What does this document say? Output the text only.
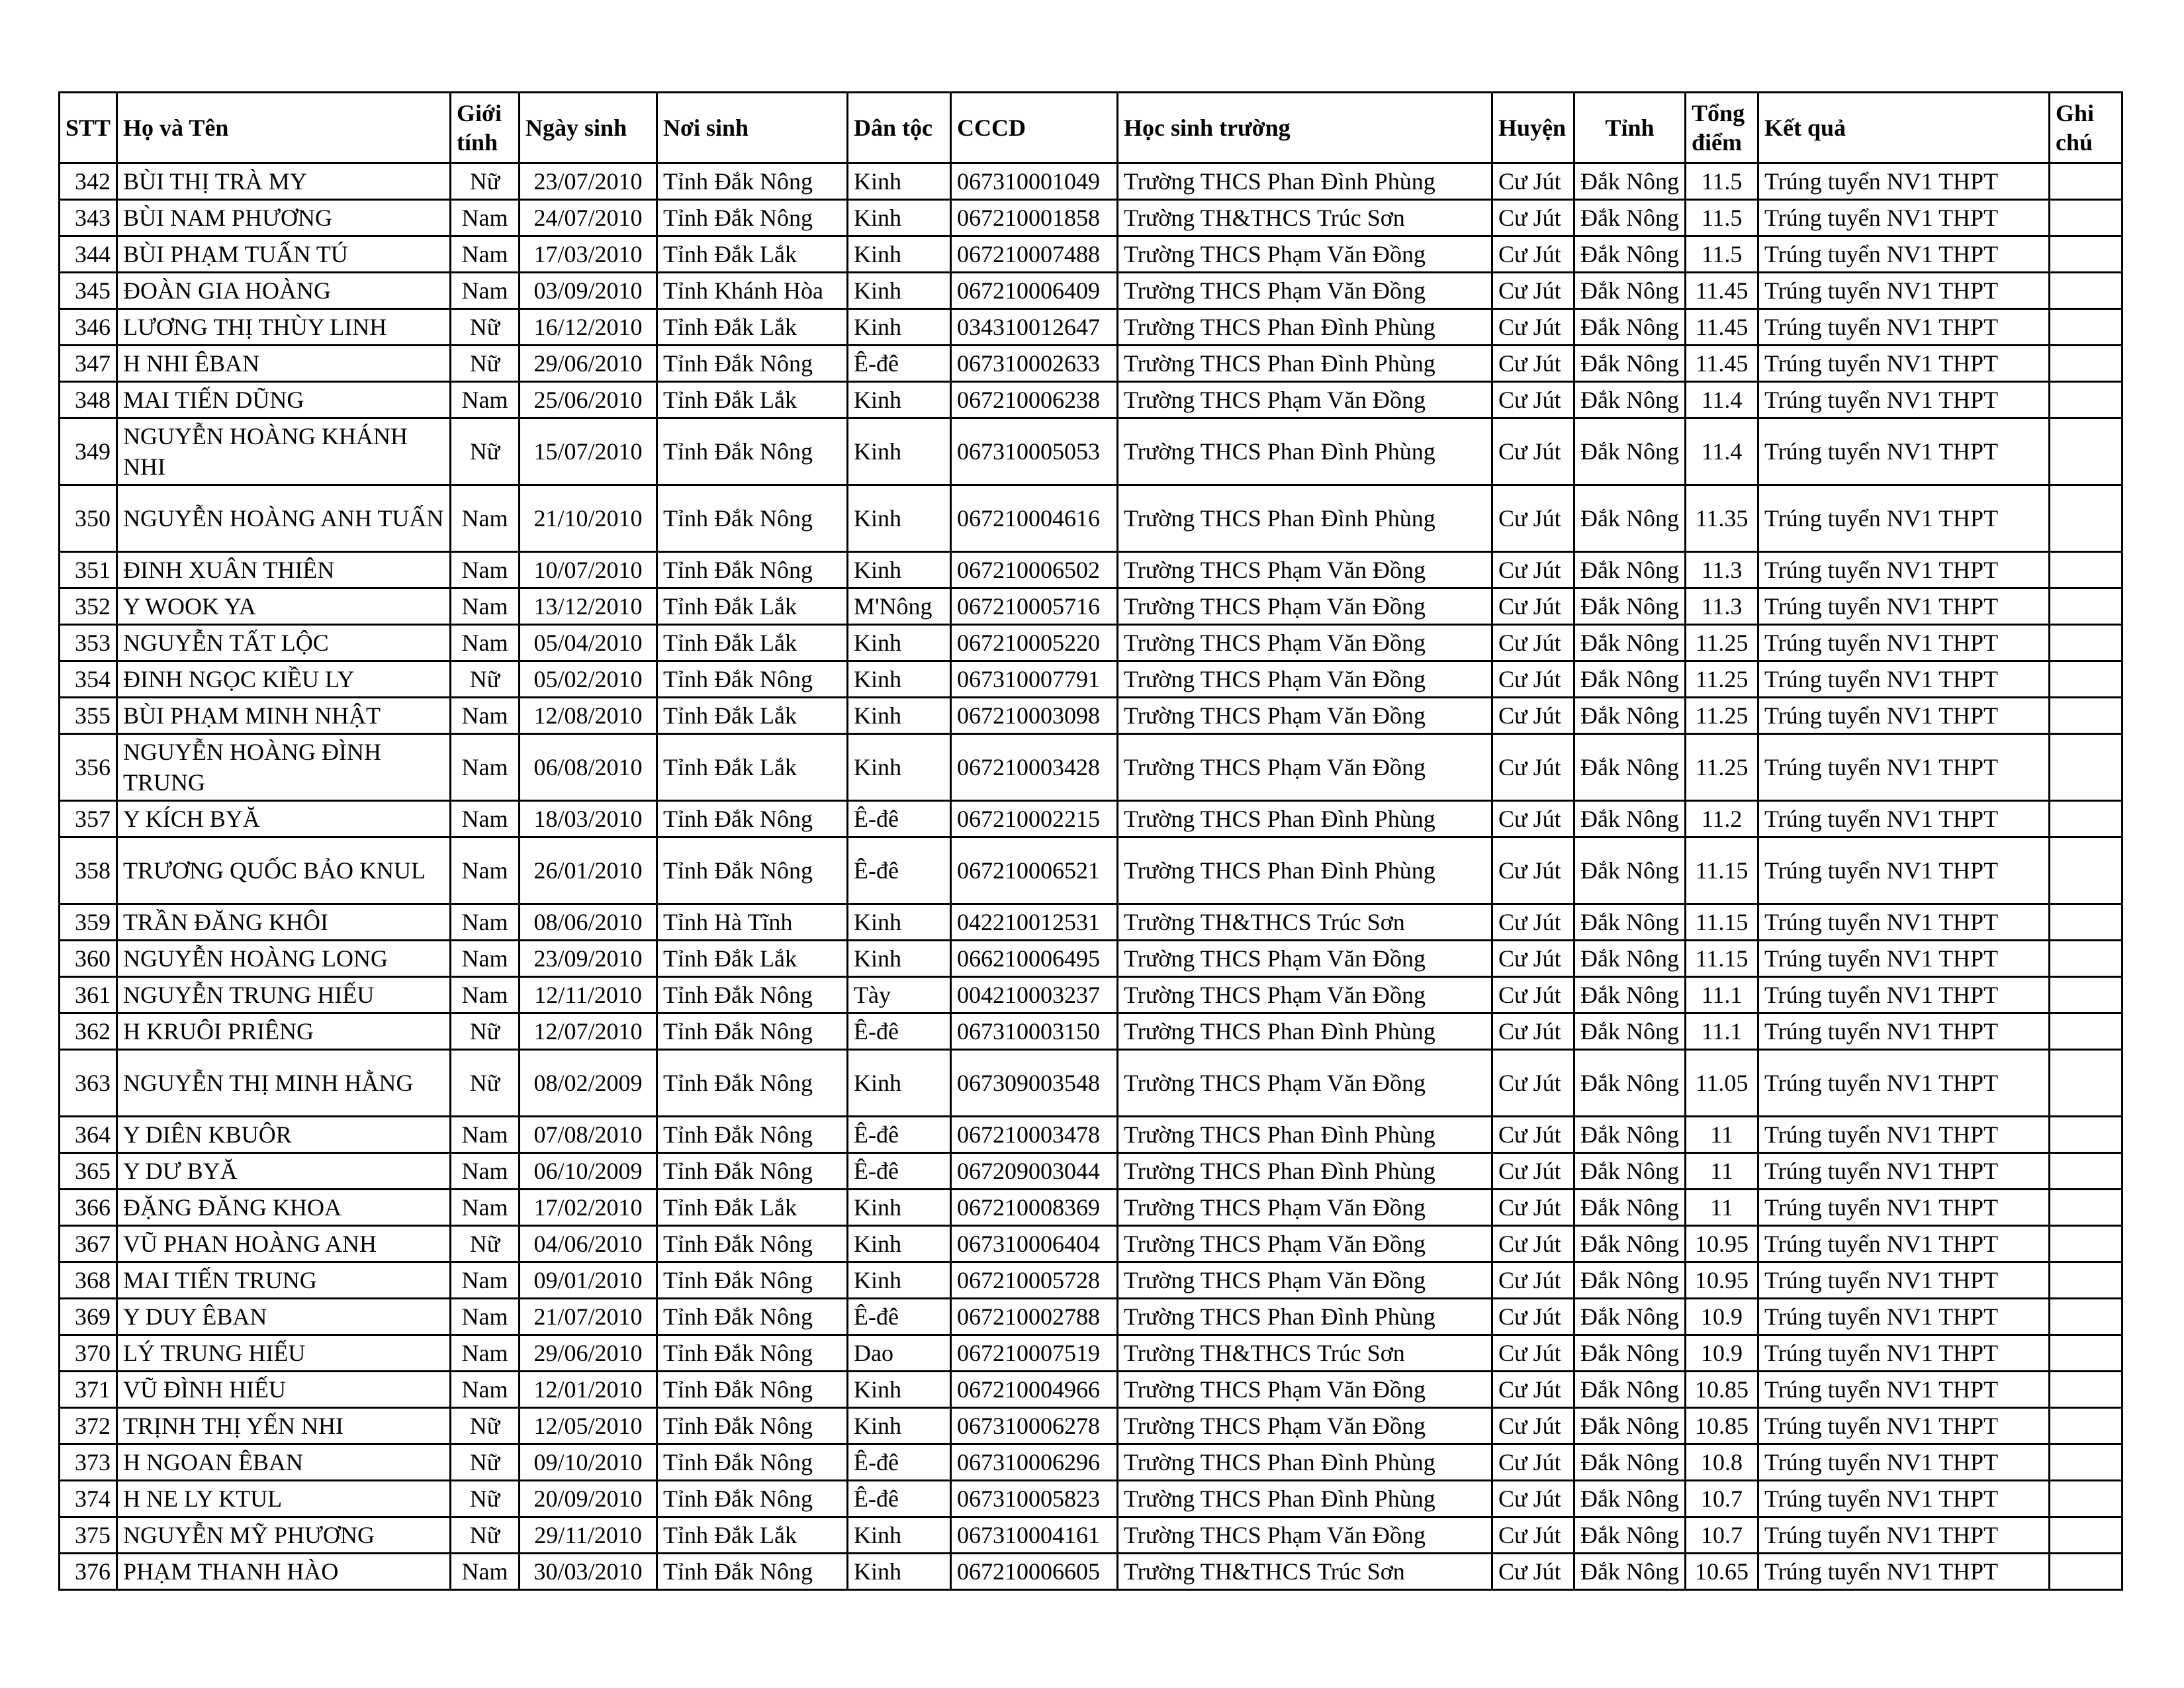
STT	Họ và Tên	Giới tính	Ngày sinh	Nơi sinh	Dân tộc	CCCD	Học sinh trường	Huyện	Tỉnh	Tổng điểm	Kết quả	Ghi chú
342	BÙI THỊ TRÀ MY	Nữ	23/07/2010	Tỉnh Đắk Nông	Kinh	067310001049	Trường THCS Phan Đình Phùng	Cư Jút	Đắk Nông	11.5	Trúng tuyển NV1 THPT	
343	BÙI NAM PHƯƠNG	Nam	24/07/2010	Tỉnh Đắk Nông	Kinh	067210001858	Trường TH&THCS Trúc Sơn	Cư Jút	Đắk Nông	11.5	Trúng tuyển NV1 THPT	
344	BÙI PHẠM TUẤN TÚ	Nam	17/03/2010	Tỉnh Đắk Lắk	Kinh	067210007488	Trường THCS Phạm Văn Đồng	Cư Jút	Đắk Nông	11.5	Trúng tuyển NV1 THPT	
345	ĐOÀN GIA HOÀNG	Nam	03/09/2010	Tỉnh Khánh Hòa	Kinh	067210006409	Trường THCS Phạm Văn Đồng	Cư Jút	Đắk Nông	11.45	Trúng tuyển NV1 THPT	
346	LƯƠNG THỊ THÙY LINH	Nữ	16/12/2010	Tỉnh Đắk Lắk	Kinh	034310012647	Trường THCS Phan Đình Phùng	Cư Jút	Đắk Nông	11.45	Trúng tuyển NV1 THPT	
347	H NHI ÊBAN	Nữ	29/06/2010	Tỉnh Đắk Nông	Ê-đê	067310002633	Trường THCS Phan Đình Phùng	Cư Jút	Đắk Nông	11.45	Trúng tuyển NV1 THPT	
348	MAI TIẾN DŨNG	Nam	25/06/2010	Tỉnh Đắk Lắk	Kinh	067210006238	Trường THCS Phạm Văn Đồng	Cư Jút	Đắk Nông	11.4	Trúng tuyển NV1 THPT	
349	NGUYỄN HOÀNG KHÁNH NHI	Nữ	15/07/2010	Tỉnh Đắk Nông	Kinh	067310005053	Trường THCS Phan Đình Phùng	Cư Jút	Đắk Nông	11.4	Trúng tuyển NV1 THPT	
350	NGUYỄN HOÀNG ANH TUẤN	Nam	21/10/2010	Tỉnh Đắk Nông	Kinh	067210004616	Trường THCS Phan Đình Phùng	Cư Jút	Đắk Nông	11.35	Trúng tuyển NV1 THPT	
351	ĐINH XUÂN THIÊN	Nam	10/07/2010	Tỉnh Đắk Nông	Kinh	067210006502	Trường THCS Phạm Văn Đồng	Cư Jút	Đắk Nông	11.3	Trúng tuyển NV1 THPT	
352	Y WOOK YA	Nam	13/12/2010	Tỉnh Đắk Lắk	M'Nông	067210005716	Trường THCS Phạm Văn Đồng	Cư Jút	Đắk Nông	11.3	Trúng tuyển NV1 THPT	
353	NGUYỄN TẤT LỘC	Nam	05/04/2010	Tỉnh Đắk Lắk	Kinh	067210005220	Trường THCS Phạm Văn Đồng	Cư Jút	Đắk Nông	11.25	Trúng tuyển NV1 THPT	
354	ĐINH NGỌC KIỀU LY	Nữ	05/02/2010	Tỉnh Đắk Nông	Kinh	067310007791	Trường THCS Phạm Văn Đồng	Cư Jút	Đắk Nông	11.25	Trúng tuyển NV1 THPT	
355	BÙI PHẠM MINH NHẬT	Nam	12/08/2010	Tỉnh Đắk Lắk	Kinh	067210003098	Trường THCS Phạm Văn Đồng	Cư Jút	Đắk Nông	11.25	Trúng tuyển NV1 THPT	
356	NGUYỄN HOÀNG ĐÌNH TRUNG	Nam	06/08/2010	Tỉnh Đắk Lắk	Kinh	067210003428	Trường THCS Phạm Văn Đồng	Cư Jút	Đắk Nông	11.25	Trúng tuyển NV1 THPT	
357	Y KÍCH BYĂ	Nam	18/03/2010	Tỉnh Đắk Nông	Ê-đê	067210002215	Trường THCS Phan Đình Phùng	Cư Jút	Đắk Nông	11.2	Trúng tuyển NV1 THPT	
358	TRƯƠNG QUỐC BẢO KNUL	Nam	26/01/2010	Tỉnh Đắk Nông	Ê-đê	067210006521	Trường THCS Phan Đình Phùng	Cư Jút	Đắk Nông	11.15	Trúng tuyển NV1 THPT	
359	TRẦN ĐĂNG KHÔI	Nam	08/06/2010	Tỉnh Hà Tĩnh	Kinh	042210012531	Trường TH&THCS Trúc Sơn	Cư Jút	Đắk Nông	11.15	Trúng tuyển NV1 THPT	
360	NGUYỄN HOÀNG LONG	Nam	23/09/2010	Tỉnh Đắk Lắk	Kinh	066210006495	Trường THCS Phạm Văn Đồng	Cư Jút	Đắk Nông	11.15	Trúng tuyển NV1 THPT	
361	NGUYỄN TRUNG HIẾU	Nam	12/11/2010	Tỉnh Đắk Nông	Tày	004210003237	Trường THCS Phạm Văn Đồng	Cư Jút	Đắk Nông	11.1	Trúng tuyển NV1 THPT	
362	H KRUÔI PRIÊNG	Nữ	12/07/2010	Tỉnh Đắk Nông	Ê-đê	067310003150	Trường THCS Phan Đình Phùng	Cư Jút	Đắk Nông	11.1	Trúng tuyển NV1 THPT	
363	NGUYỄN THỊ MINH HẰNG	Nữ	08/02/2009	Tỉnh Đắk Nông	Kinh	067309003548	Trường THCS Phạm Văn Đồng	Cư Jút	Đắk Nông	11.05	Trúng tuyển NV1 THPT	
364	Y DIÊN KBUÔR	Nam	07/08/2010	Tỉnh Đắk Nông	Ê-đê	067210003478	Trường THCS Phan Đình Phùng	Cư Jút	Đắk Nông	11	Trúng tuyển NV1 THPT	
365	Y DƯ BYĂ	Nam	06/10/2009	Tỉnh Đắk Nông	Ê-đê	067209003044	Trường THCS Phan Đình Phùng	Cư Jút	Đắk Nông	11	Trúng tuyển NV1 THPT	
366	ĐẶNG ĐĂNG KHOA	Nam	17/02/2010	Tỉnh Đắk Lắk	Kinh	067210008369	Trường THCS Phạm Văn Đồng	Cư Jút	Đắk Nông	11	Trúng tuyển NV1 THPT	
367	VŨ PHAN HOÀNG ANH	Nữ	04/06/2010	Tỉnh Đắk Nông	Kinh	067310006404	Trường THCS Phạm Văn Đồng	Cư Jút	Đắk Nông	10.95	Trúng tuyển NV1 THPT	
368	MAI TIẾN TRUNG	Nam	09/01/2010	Tỉnh Đắk Nông	Kinh	067210005728	Trường THCS Phạm Văn Đồng	Cư Jút	Đắk Nông	10.95	Trúng tuyển NV1 THPT	
369	Y DUY ÊBAN	Nam	21/07/2010	Tỉnh Đắk Nông	Ê-đê	067210002788	Trường THCS Phan Đình Phùng	Cư Jút	Đắk Nông	10.9	Trúng tuyển NV1 THPT	
370	LÝ TRUNG HIẾU	Nam	29/06/2010	Tỉnh Đắk Nông	Dao	067210007519	Trường TH&THCS Trúc Sơn	Cư Jút	Đắk Nông	10.9	Trúng tuyển NV1 THPT	
371	VŨ ĐÌNH HIẾU	Nam	12/01/2010	Tỉnh Đắk Nông	Kinh	067210004966	Trường THCS Phạm Văn Đồng	Cư Jút	Đắk Nông	10.85	Trúng tuyển NV1 THPT	
372	TRỊNH THỊ YẾN NHI	Nữ	12/05/2010	Tỉnh Đắk Nông	Kinh	067310006278	Trường THCS Phạm Văn Đồng	Cư Jút	Đắk Nông	10.85	Trúng tuyển NV1 THPT	
373	H NGOAN ÊBAN	Nữ	09/10/2010	Tỉnh Đắk Nông	Ê-đê	067310006296	Trường THCS Phan Đình Phùng	Cư Jút	Đắk Nông	10.8	Trúng tuyển NV1 THPT	
374	H NE LY KTUL	Nữ	20/09/2010	Tỉnh Đắk Nông	Ê-đê	067310005823	Trường THCS Phan Đình Phùng	Cư Jút	Đắk Nông	10.7	Trúng tuyển NV1 THPT	
375	NGUYỄN MỸ PHƯƠNG	Nữ	29/11/2010	Tỉnh Đắk Lắk	Kinh	067310004161	Trường THCS Phạm Văn Đồng	Cư Jút	Đắk Nông	10.7	Trúng tuyển NV1 THPT	
376	PHẠM THANH HÀO	Nam	30/03/2010	Tỉnh Đắk Nông	Kinh	067210006605	Trường TH&THCS Trúc Sơn	Cư Jút	Đắk Nông	10.65	Trúng tuyển NV1 THPT	
